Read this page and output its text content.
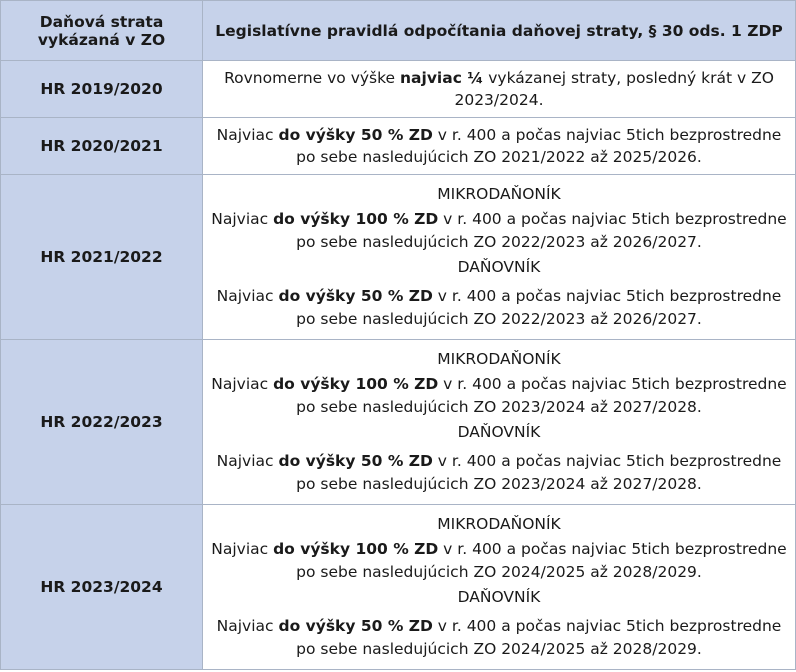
Daňová strata vykázaná v ZO	Legislatívne pravidlá odpočítania daňovej straty, § 30 ods. 1 ZDP
HR 2019/2020	Rovnomerne vo výške najviac ¼ vykázanej straty, posledný krát v ZO 2023/2024.
HR 2020/2021	Najviac do výšky 50 % ZD v r. 400 a počas najviac 5tich bezprostredne po sebe nasledujúcich ZO 2021/2022 až 2025/2026.
HR 2021/2022	MIKRODAŇONÍK

Najviac do výšky 100 % ZD v r. 400 a počas najviac 5tich bezprostredne po sebe nasledujúcich ZO 2022/2023 až 2026/2027.

DAŇOVNÍK

Najviac do výšky 50 % ZD v r. 400 a počas najviac 5tich bezprostredne po sebe nasledujúcich ZO 2022/2023 až 2026/2027.

HR 2022/2023	MIKRODAŇONÍK

Najviac do výšky 100 % ZD v r. 400 a počas najviac 5tich bezprostredne po sebe nasledujúcich ZO 2023/2024 až 2027/2028.

DAŇOVNÍK

Najviac do výšky 50 % ZD v r. 400 a počas najviac 5tich bezprostredne po sebe nasledujúcich ZO 2023/2024 až 2027/2028.

HR 2023/2024	MIKRODAŇONÍK

Najviac do výšky 100 % ZD v r. 400 a počas najviac 5tich bezprostredne po sebe nasledujúcich ZO 2024/2025 až 2028/2029.

DAŇOVNÍK

Najviac do výšky 50 % ZD v r. 400 a počas najviac 5tich bezprostredne po sebe nasledujúcich ZO 2024/2025 až 2028/2029.
